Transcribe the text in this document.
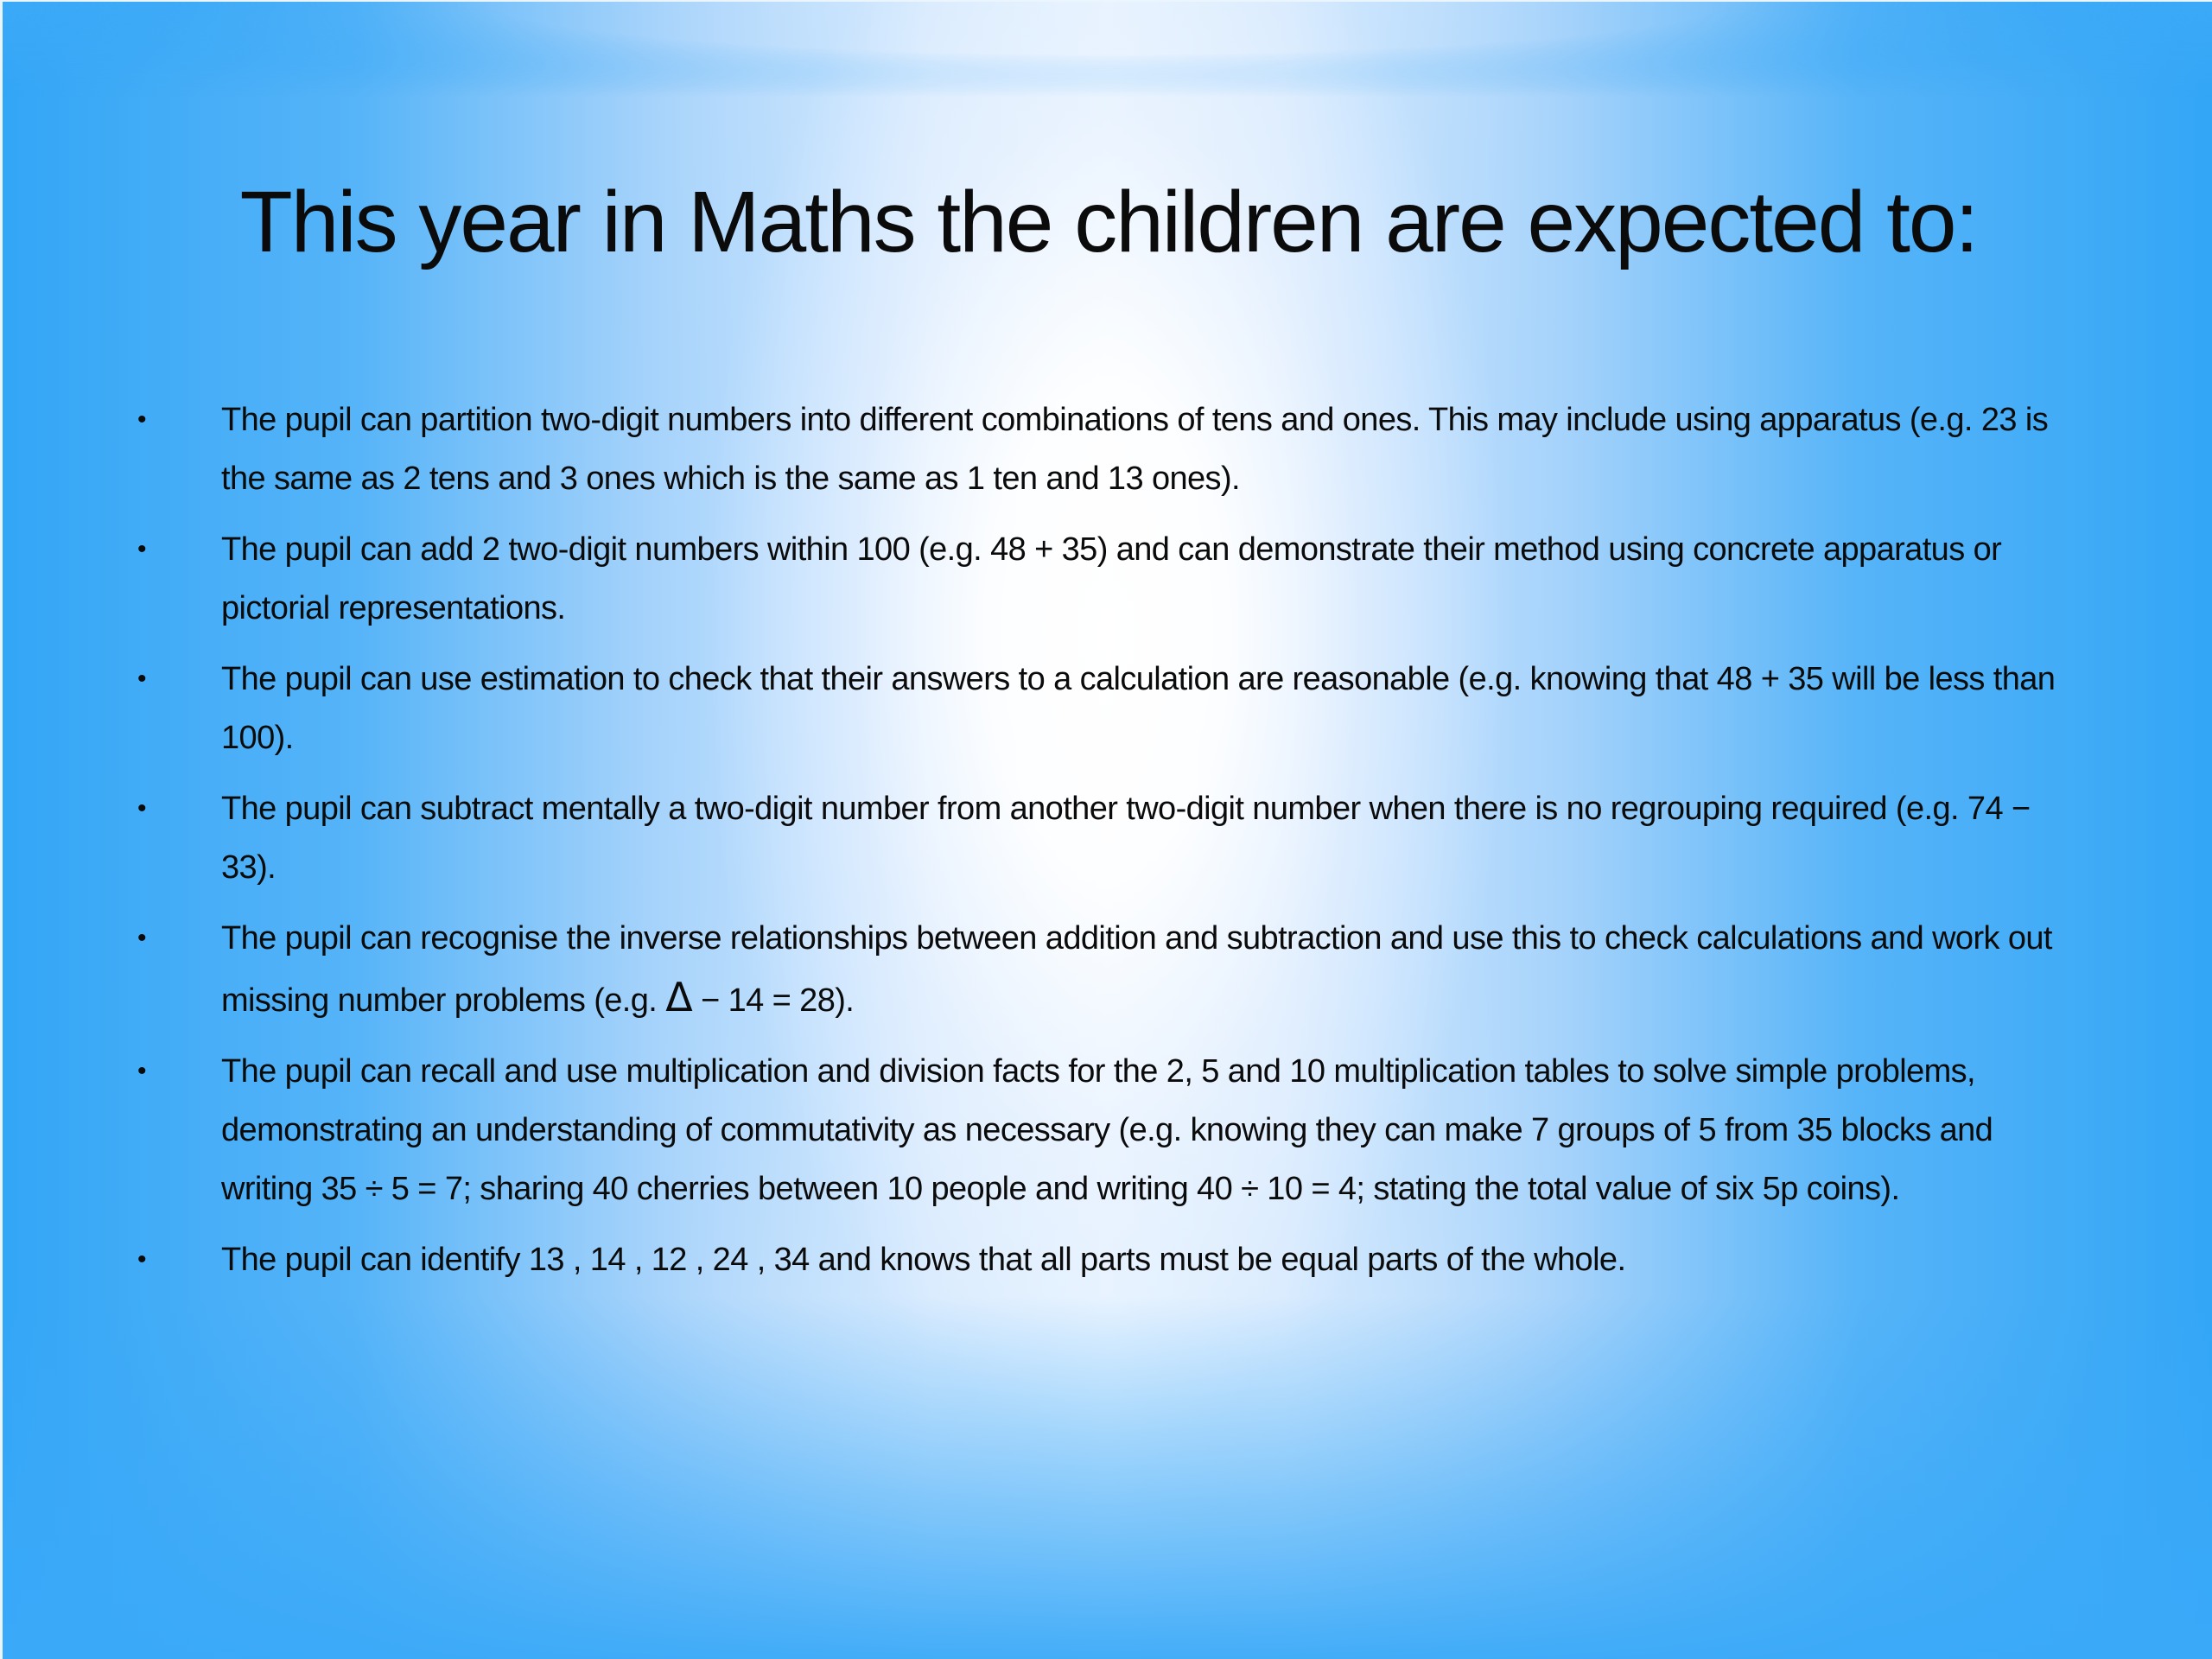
This year in Maths the children are expected to:
• The pupil can partition two-digit numbers into different combinations of tens and ones. This may include using apparatus (e.g. 23 is the same as 2 tens and 3 ones which is the same as 1 ten and 13 ones).
• The pupil can add 2 two-digit numbers within 100 (e.g. 48 + 35) and can demonstrate their method using concrete apparatus or pictorial representations.
• The pupil can use estimation to check that their answers to a calculation are reasonable (e.g. knowing that 48 + 35 will be less than 100).
• The pupil can subtract mentally a two-digit number from another two-digit number when there is no regrouping required (e.g. 74 − 33).
• The pupil can recognise the inverse relationships between addition and subtraction and use this to check calculations and work out missing number problems (e.g. Δ − 14 = 28).
• The pupil can recall and use multiplication and division facts for the 2, 5 and 10 multiplication tables to solve simple problems, demonstrating an understanding of commutativity as necessary (e.g. knowing they can make 7 groups of 5 from 35 blocks and writing 35 ÷ 5 = 7; sharing 40 cherries between 10 people and writing 40 ÷ 10 = 4; stating the total value of six 5p coins).
• The pupil can identify 13 , 14 , 12 , 24 , 34 and knows that all parts must be equal parts of the whole.
